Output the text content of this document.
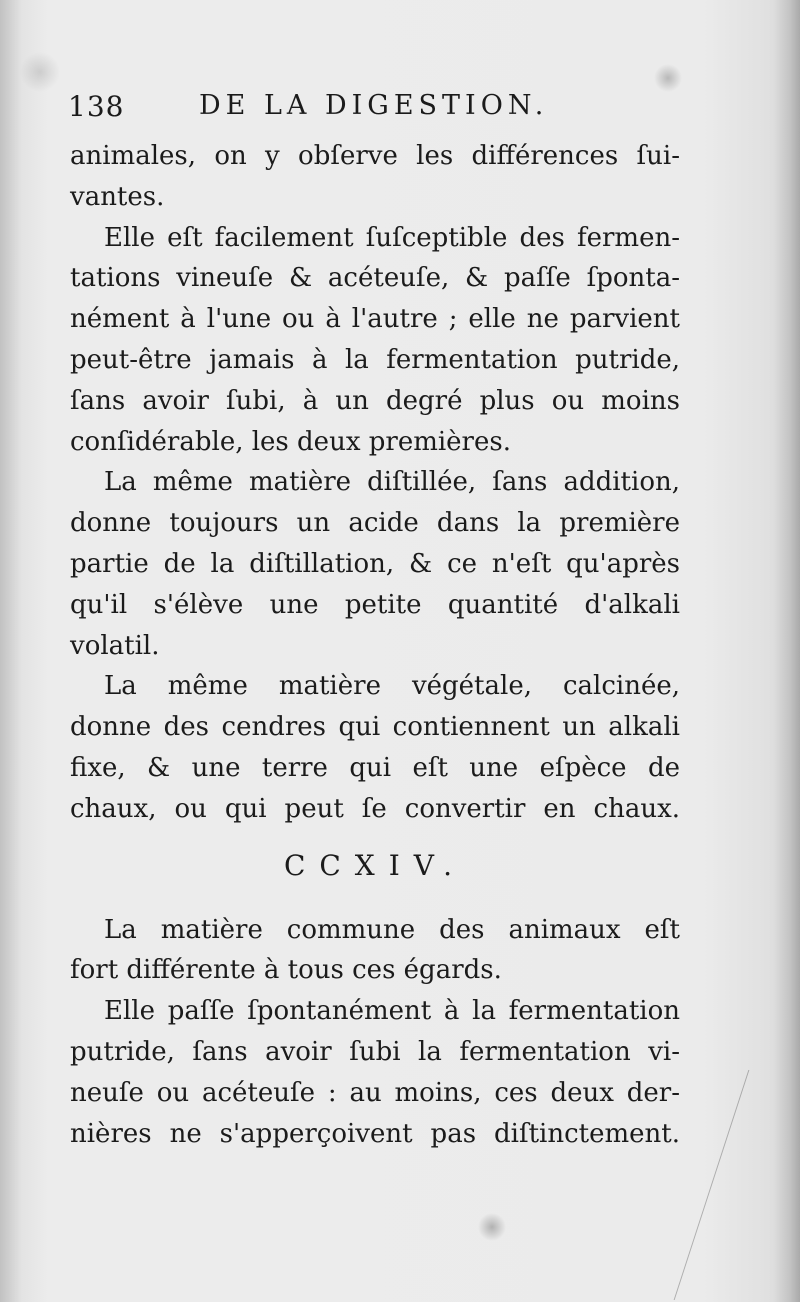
138	DE LA DIGESTION.
animales, on y obſerve les différences ſui-
vantes.
Elle eſt facilement ſuſceptible des fermen-
tations vineuſe & acéteuſe, & paſſe ſponta-
nément à l'une ou à l'autre ; elle ne parvient
peut-être jamais à la fermentation putride,
ſans avoir ſubi, à un degré plus ou moins
conſidérable, les deux premières.
La même matière diſtillée, ſans addition,
donne toujours un acide dans la première
partie de la diſtillation, & ce n'eſt qu'après
qu'il s'élève une petite quantité d'alkali
volatil.
La même matière végétale, calcinée,
donne des cendres qui contiennent un alkali
fixe, & une terre qui eſt une eſpèce de
chaux, ou qui peut ſe convertir en chaux.
CCXIV.
La matière commune des animaux eſt
fort différente à tous ces égards.
Elle paſſe ſpontanément à la fermentation
putride, ſans avoir ſubi la fermentation vi-
neuſe ou acéteuſe : au moins, ces deux der-
nières ne s'apperçoivent pas diſtinctement.
